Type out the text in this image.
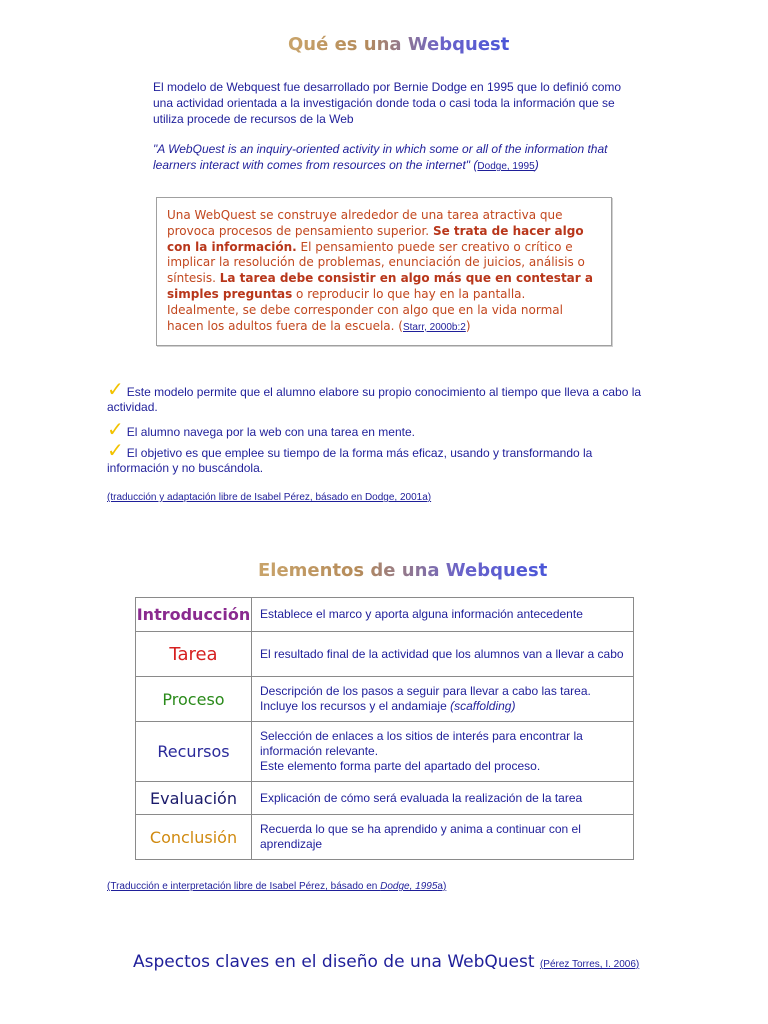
Qué es una Webquest
El modelo de Webquest fue desarrollado por Bernie Dodge en 1995 que lo definió como una actividad orientada a la investigación donde toda o casi toda la información que se utiliza procede de recursos de la Web
"A WebQuest is an inquiry-oriented activity in which some or all of the information that learners interact with comes from resources on the internet" (Dodge, 1995)

Una WebQuest se construye alrededor de una tarea atractiva que provoca procesos de pensamiento superior. Se trata de hacer algo con la información. El pensamiento puede ser creativo o crítico e implicar la resolución de problemas, enunciación de juicios, análisis o síntesis. La tarea debe consistir en algo más que en contestar a simples preguntas o reproducir lo que hay en la pantalla. Idealmente, se debe corresponder con algo que en la vida normal hacen los adultos fuera de la escuela. (Starr, 2000b:2)

✓ Este modelo permite que el alumno elabore su propio conocimiento al tiempo que lleva a cabo la actividad.
✓ El alumno navega por la web con una tarea en mente.
✓ El objetivo es que emplee su tiempo de la forma más eficaz, usando y transformando la información y no buscándola.
(traducción y adaptación libre de Isabel Pérez, básado en Dodge, 2001a)
Elementos de una Webquest
Introducción	Establece el marco y aporta alguna información antecedente
Tarea	El resultado final de la actividad que los alumnos van a llevar a cabo
Proceso	Descripción de los pasos a seguir para llevar a cabo las tarea. Incluye los recursos y el andamiaje (scaffolding)
Recursos	Selección de enlaces a los sitios de interés para encontrar la información relevante.
Este elemento forma parte del apartado del proceso.
Evaluación	Explicación de cómo será evaluada la realización de la tarea
Conclusión	Recuerda lo que se ha aprendido y anima a continuar con el aprendizaje
(Traducción e interpretación libre de Isabel Pérez, básado en Dodge, 1995a)
Aspectos claves en el diseño de una WebQuest (Pérez Torres, I. 2006)
